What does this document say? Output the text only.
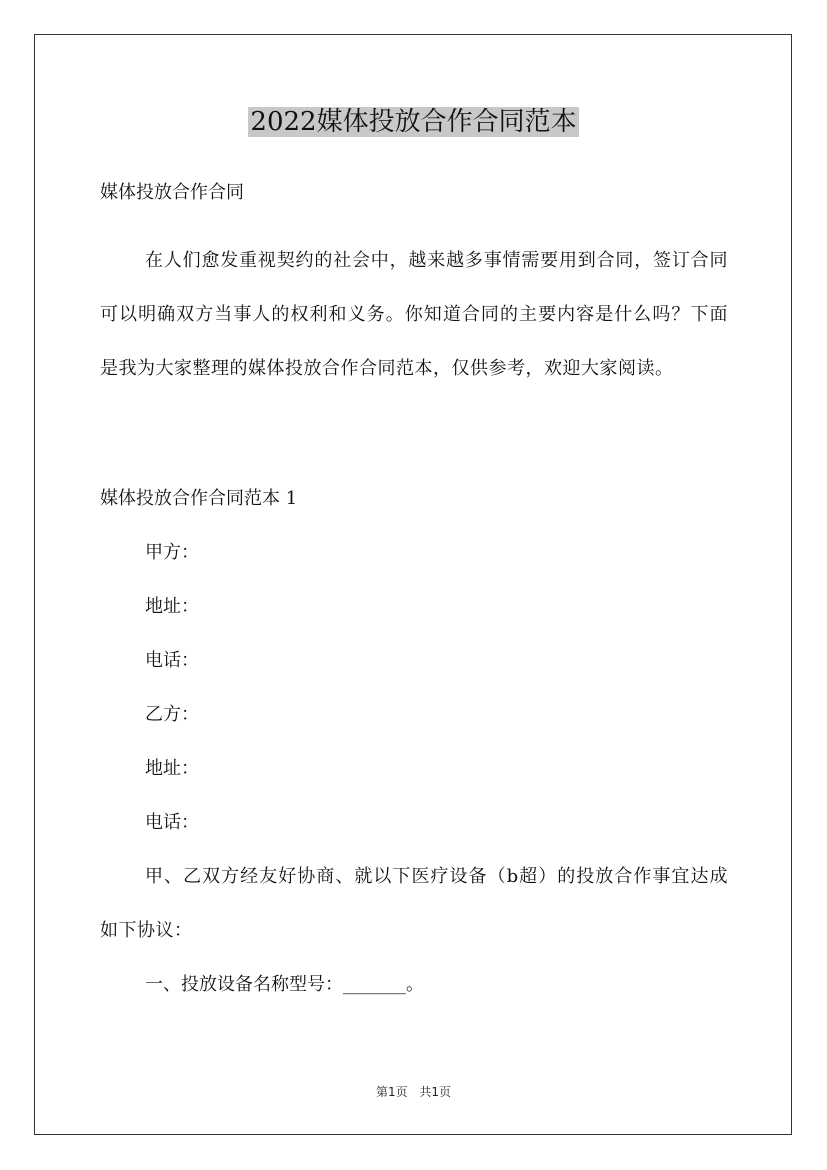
2022媒体投放合作合同范本
媒体投放合作合同
在人们愈发重视契约的社会中，越来越多事情需要用到合同，签订合同可以明确双方当事人的权利和义务。你知道合同的主要内容是什么吗？下面是我为大家整理的媒体投放合作合同范本，仅供参考，欢迎大家阅读。
媒体投放合作合同范本 1
甲方：
地址：
电话：
乙方：
地址：
电话：
甲、乙双方经友好协商、就以下医疗设备（b超）的投放合作事宜达成如下协议：
一、投放设备名称型号：_______。
第1页 共1页
